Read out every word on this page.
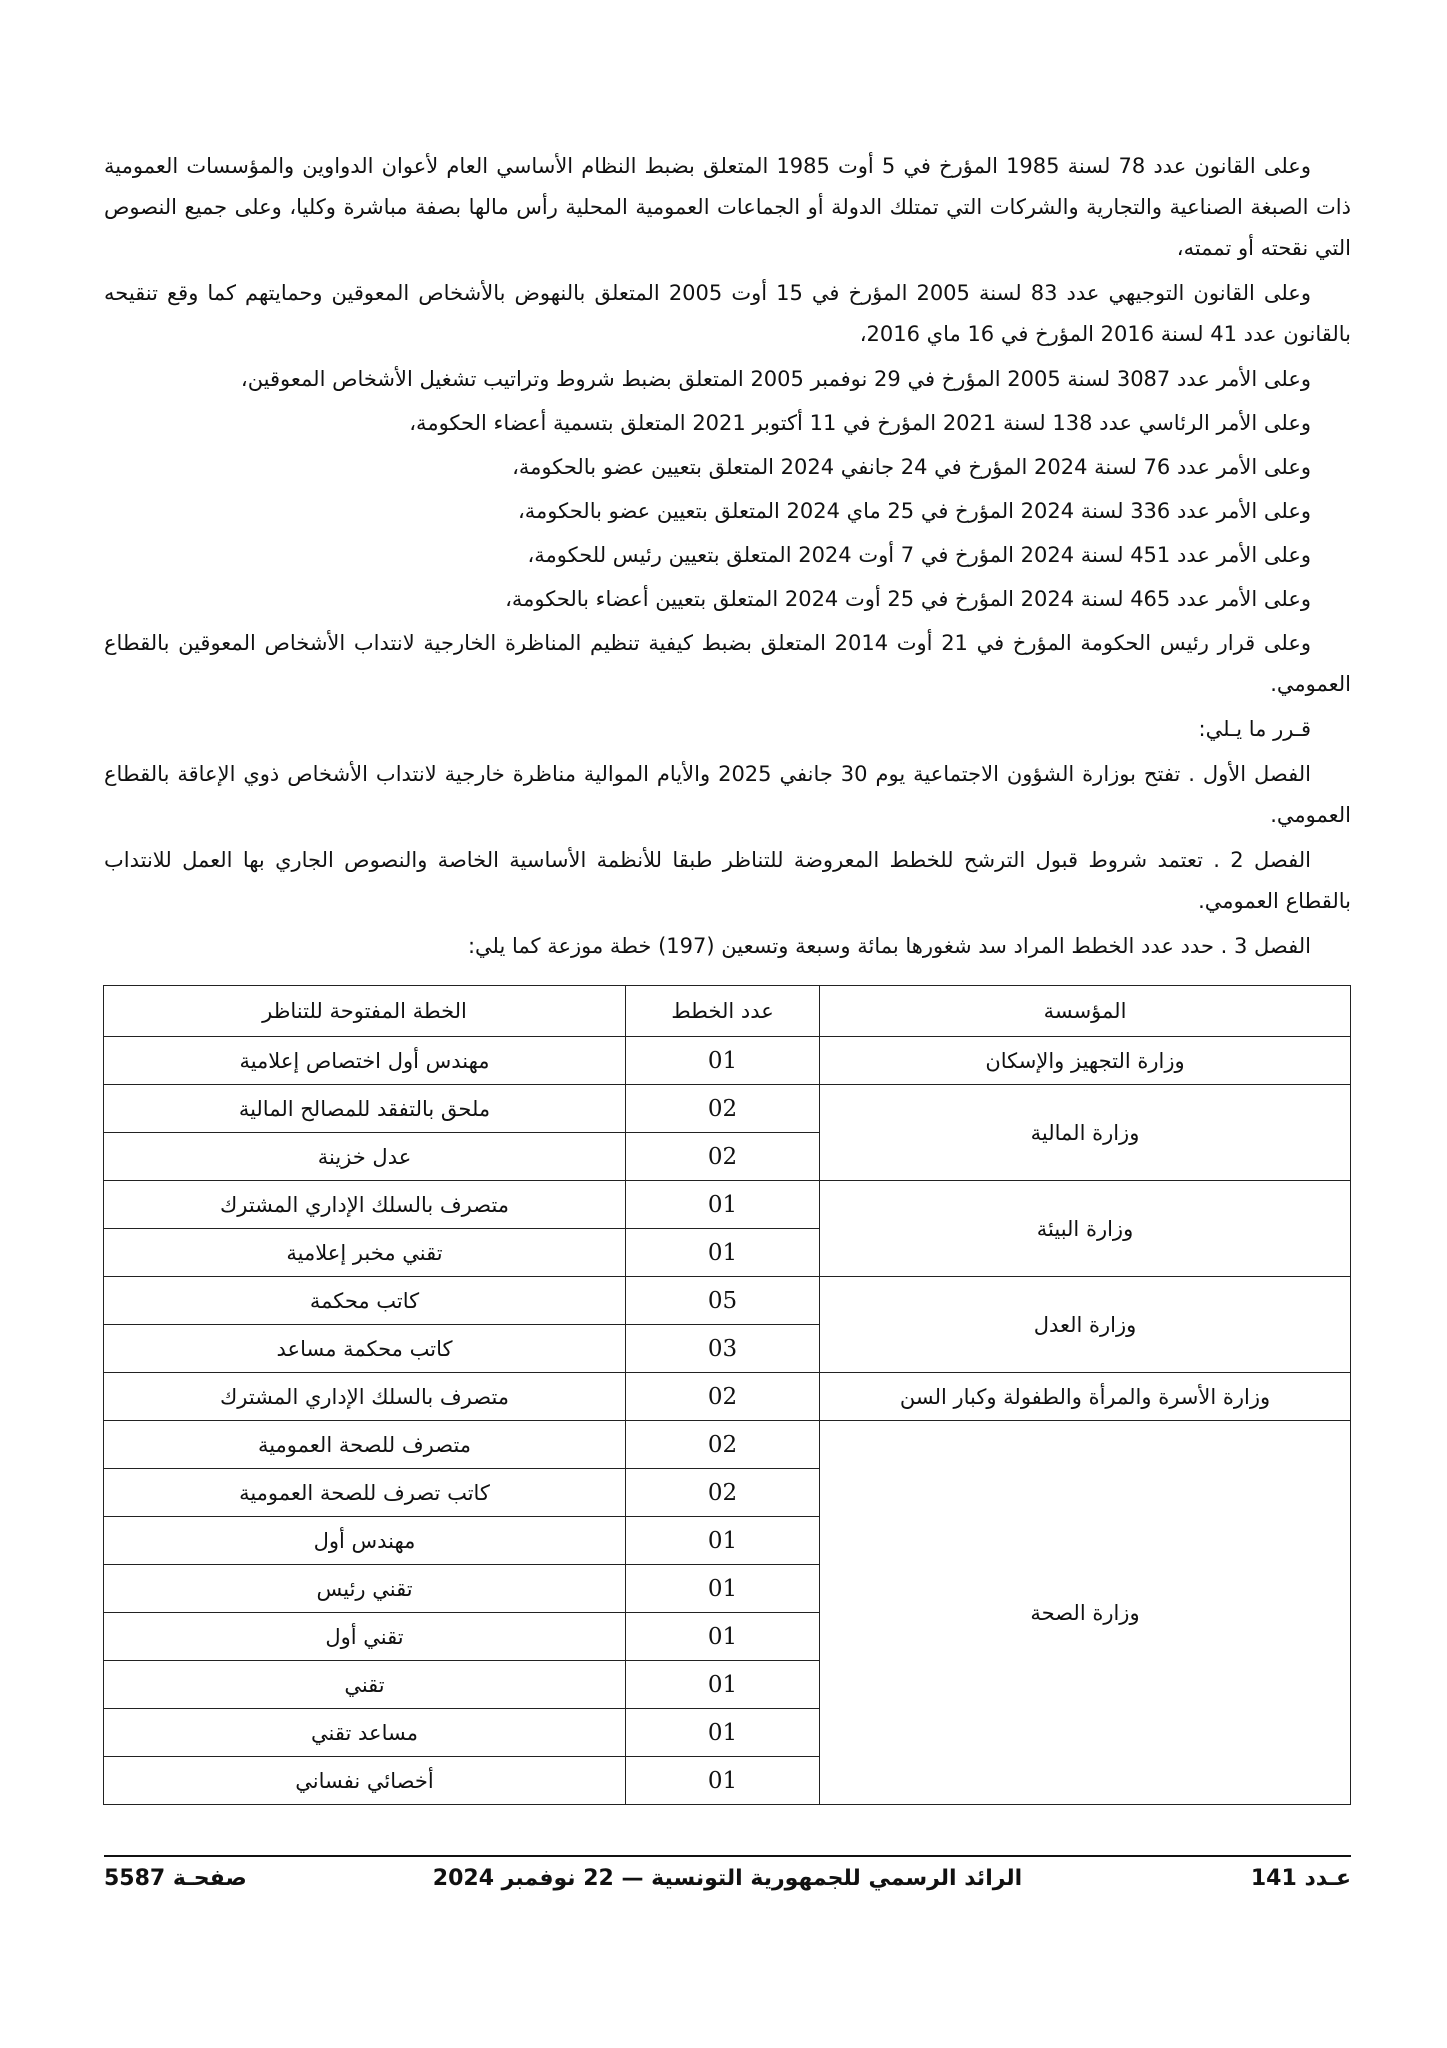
وعلى القانون عدد 78 لسنة 1985 المؤرخ في 5 أوت 1985 المتعلق بضبط النظام الأساسي العام لأعوان الدواوين والمؤسسات العمومية ذات الصبغة الصناعية والتجارية والشركات التي تمتلك الدولة أو الجماعات العمومية المحلية رأس مالها بصفة مباشرة وكليا، وعلى جميع النصوص التي نقحته أو تممته،

وعلى القانون التوجيهي عدد 83 لسنة 2005 المؤرخ في 15 أوت 2005 المتعلق بالنهوض بالأشخاص المعوقين وحمايتهم كما وقع تنقيحه بالقانون عدد 41 لسنة 2016 المؤرخ في 16 ماي 2016،

وعلى الأمر عدد 3087 لسنة 2005 المؤرخ في 29 نوفمبر 2005 المتعلق بضبط شروط وتراتيب تشغيل الأشخاص المعوقين،

وعلى الأمر الرئاسي عدد 138 لسنة 2021 المؤرخ في 11 أكتوبر 2021 المتعلق بتسمية أعضاء الحكومة،

وعلى الأمر عدد 76 لسنة 2024 المؤرخ في 24 جانفي 2024 المتعلق بتعيين عضو بالحكومة،

وعلى الأمر عدد 336 لسنة 2024 المؤرخ في 25 ماي 2024 المتعلق بتعيين عضو بالحكومة،

وعلى الأمر عدد 451 لسنة 2024 المؤرخ في 7 أوت 2024 المتعلق بتعيين رئيس للحكومة،

وعلى الأمر عدد 465 لسنة 2024 المؤرخ في 25 أوت 2024 المتعلق بتعيين أعضاء بالحكومة،

وعلى قرار رئيس الحكومة المؤرخ في 21 أوت 2014 المتعلق بضبط كيفية تنظيم المناظرة الخارجية لانتداب الأشخاص المعوقين بالقطاع العمومي.

قـرر ما يـلي:

الفصل الأول . تفتح بوزارة الشؤون الاجتماعية يوم 30 جانفي 2025 والأيام الموالية مناظرة خارجية لانتداب الأشخاص ذوي الإعاقة بالقطاع العمومي.

الفصل 2 . تعتمد شروط قبول الترشح للخطط المعروضة للتناظر طبقا للأنظمة الأساسية الخاصة والنصوص الجاري بها العمل للانتداب بالقطاع العمومي.

الفصل 3 . حدد عدد الخطط المراد سد شغورها بمائة وسبعة وتسعين (197) خطة موزعة كما يلي:

المؤسسة	عدد الخطط	الخطة المفتوحة للتناظر
وزارة التجهيز والإسكان	01	مهندس أول اختصاص إعلامية
وزارة المالية	02	ملحق بالتفقد للمصالح المالية
	02	عدل خزينة
وزارة البيئة	01	متصرف بالسلك الإداري المشترك
	01	تقني مخبر إعلامية
وزارة العدل	05	كاتب محكمة
	03	كاتب محكمة مساعد
وزارة الأسرة والمرأة والطفولة وكبار السن	02	متصرف بالسلك الإداري المشترك
وزارة الصحة	02	متصرف للصحة العمومية
	02	كاتب تصرف للصحة العمومية
	01	مهندس أول
	01	تقني رئيس
	01	تقني أول
	01	تقني
	01	مساعد تقني
	01	أخصائي نفساني
عـدد 141
الرائد الرسمي للجمهورية التونسية — 22 نوفمبر 2024
صفحـة 5587
